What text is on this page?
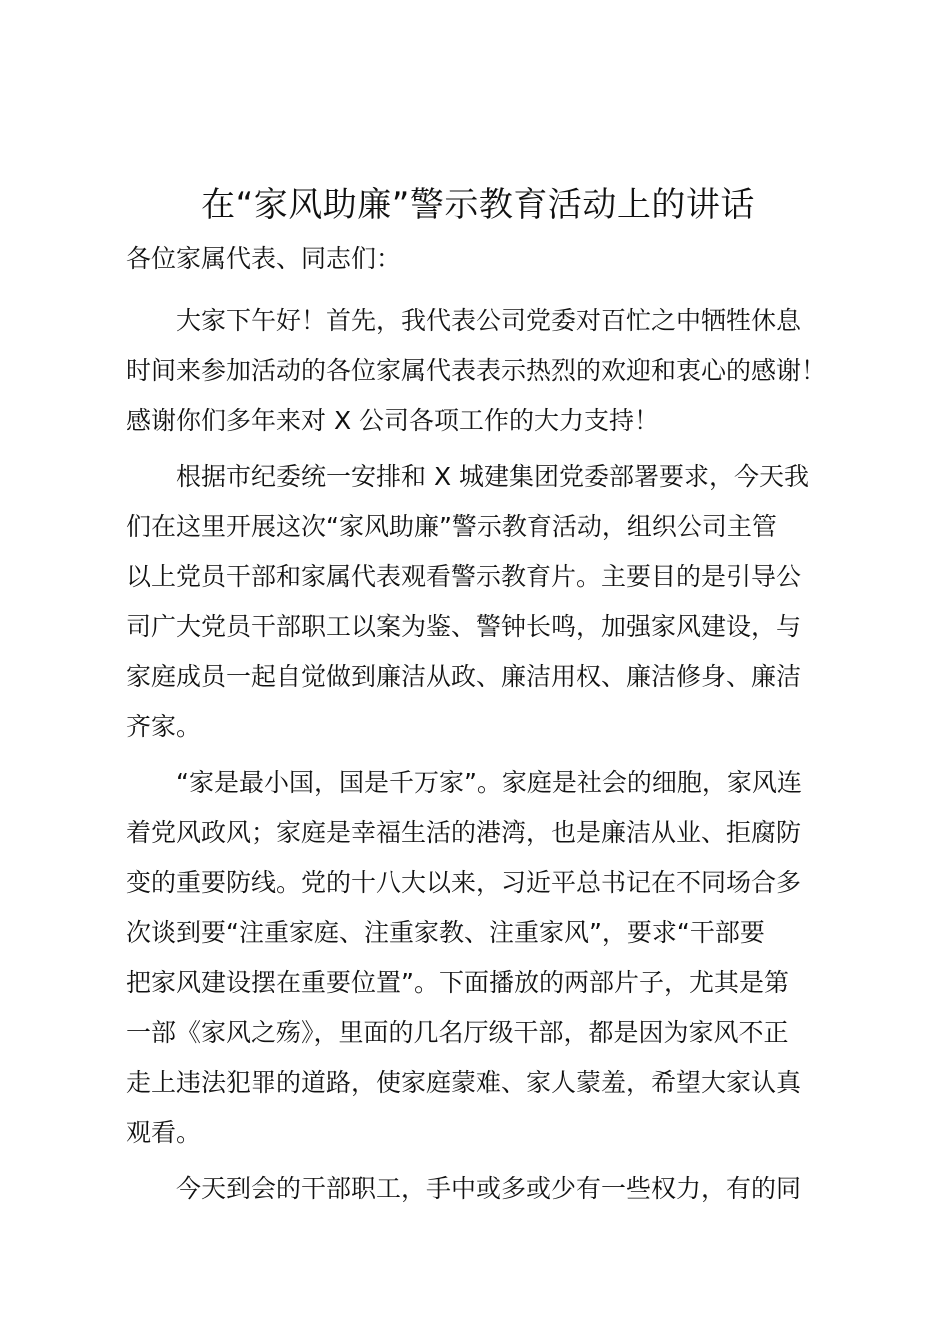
在“家风助廉”警示教育活动上的讲话
各位家属代表、同志们：
　　大家下午好！首先，我代表公司党委对百忙之中牺牲休息
时间来参加活动的各位家属代表表示热烈的欢迎和衷心的感谢！
感谢你们多年来对 X 公司各项工作的大力支持！
　　根据市纪委统一安排和 X 城建集团党委部署要求，今天我
们在这里开展这次“家风助廉”警示教育活动，组织公司主管
以上党员干部和家属代表观看警示教育片。主要目的是引导公
司广大党员干部职工以案为鉴、警钟长鸣，加强家风建设，与
家庭成员一起自觉做到廉洁从政、廉洁用权、廉洁修身、廉洁
齐家。
　　“家是最小国，国是千万家”。家庭是社会的细胞，家风连
着党风政风；家庭是幸福生活的港湾，也是廉洁从业、拒腐防
变的重要防线。党的十八大以来，习近平总书记在不同场合多
次谈到要“注重家庭、注重家教、注重家风”，要求“干部要
把家风建设摆在重要位置”。下面播放的两部片子，尤其是第
一部《家风之殇》，里面的几名厅级干部，都是因为家风不正
走上违法犯罪的道路，使家庭蒙难、家人蒙羞，希望大家认真
观看。
　　今天到会的干部职工，手中或多或少有一些权力，有的同
